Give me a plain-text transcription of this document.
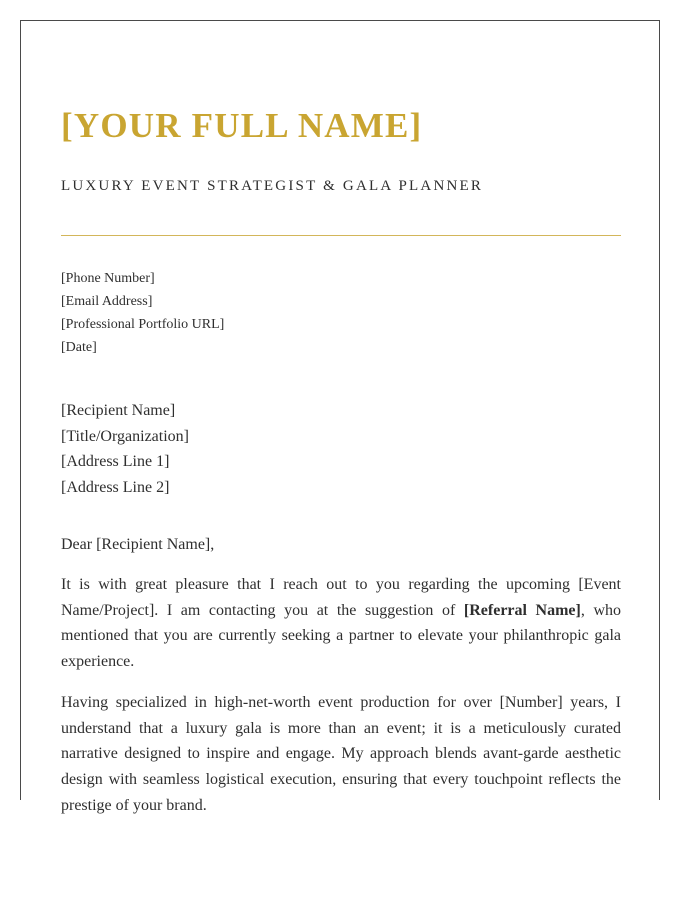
[YOUR FULL NAME]

LUXURY EVENT STRATEGIST & GALA PLANNER

[Phone Number]
[Email Address]
[Professional Portfolio URL]
[Date]
[Recipient Name]
[Title/Organization]
[Address Line 1]
[Address Line 2]

Dear [Recipient Name],

It is with great pleasure that I reach out to you regarding the upcoming [Event Name/Project]. I am contacting you at the suggestion of [Referral Name], who mentioned that you are currently seeking a partner to elevate your philanthropic gala experience.

Having specialized in high-net-worth event production for over [Number] years, I understand that a luxury gala is more than an event; it is a meticulously curated narrative designed to inspire and engage. My approach blends avant-garde aesthetic design with seamless logistical execution, ensuring that every touchpoint reflects the prestige of your brand.
